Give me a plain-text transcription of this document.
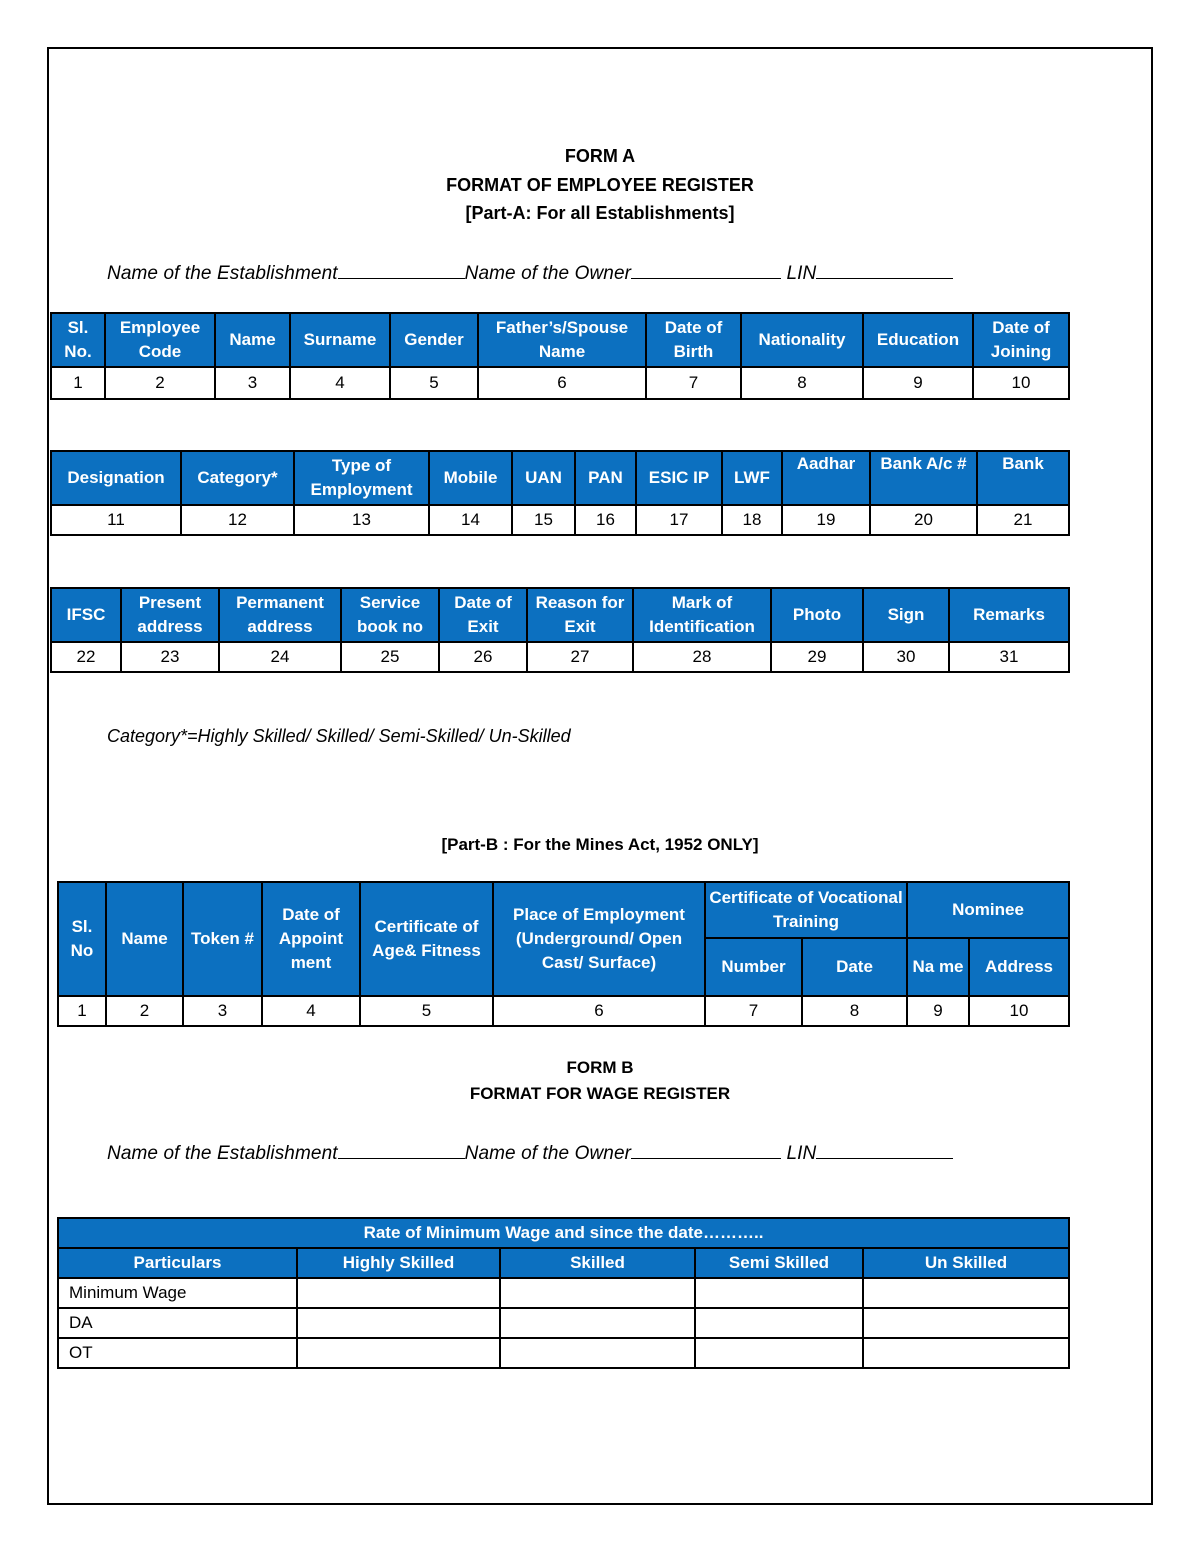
FORM A
FORMAT OF EMPLOYEE REGISTER
[Part-A: For all Establishments]
Name of the Establishment	Name of the Owner	LIN
Sl. No.	Employee Code	Name	Surname	Gender	Father’s/Spouse Name	Date of Birth	Nationality	Education	Date of Joining
1	2	3	4	5	6	7	8	9	10
Designation	Category*	Type of Employment	Mobile	UAN	PAN	ESIC IP	LWF	Aadhar	Bank A/c #	Bank
11	12	13	14	15	16	17	18	19	20	21
IFSC	Present address	Permanent address	Service book no	Date of Exit	Reason for Exit	Mark of Identification	Photo	Sign	Remarks
22	23	24	25	26	27	28	29	30	31
Category*=Highly Skilled/ Skilled/ Semi-Skilled/ Un-Skilled
[Part-B : For the Mines Act, 1952 ONLY]
Sl. No	Name	Token #	Date of Appoint ment	Certificate of Age& Fitness	Place of Employment (Underground/ Open Cast/ Surface)	Certificate of Vocational Training		Nominee	
						Number	Date	Na me	Address
1	2	3	4	5	6	7	8	9	10
FORM B
FORMAT FOR WAGE REGISTER
Name of the Establishment	Name of the Owner	LIN
Rate of Minimum Wage and since the date………..				
Particulars	Highly Skilled	Skilled	Semi Skilled	Un Skilled
Minimum Wage				
DA				
OT				
